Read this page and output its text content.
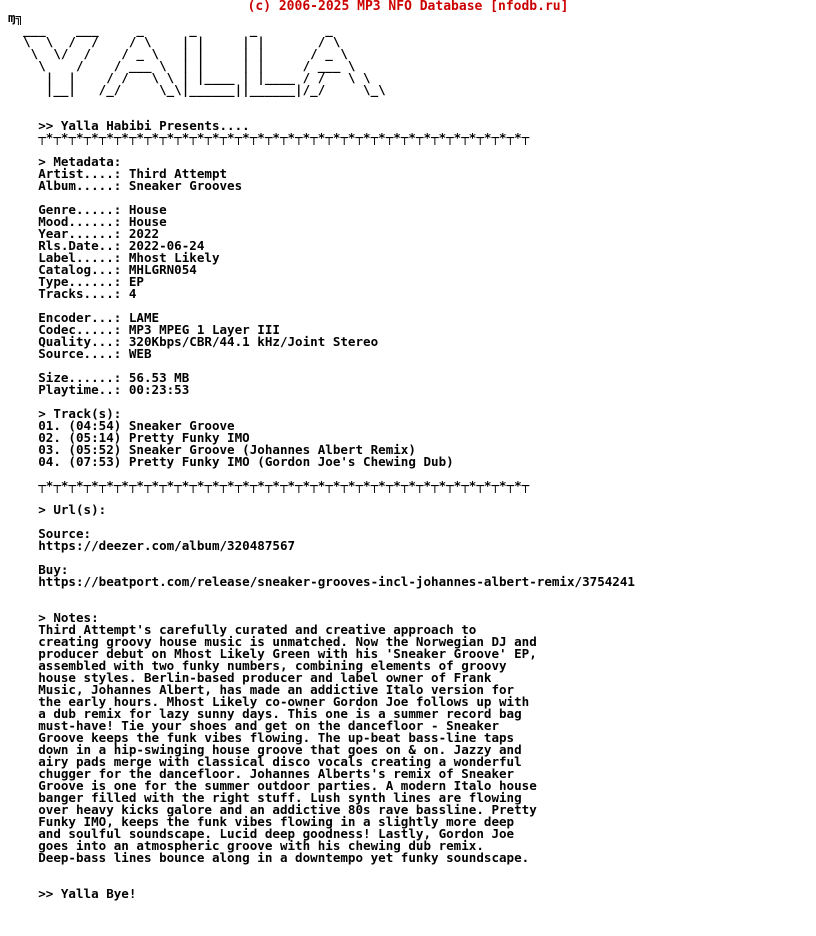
(c) 2006-2025 MP3 NFO Database [nfodb.ru]
ɱ╗
___    ___     _      _       _         _
\  \  /  /    / \    | |     | |       / \
\  \/  /    / _ \   | |     | |      / _ \
\    /    / ___ \  | |     | |     / ___ \
|  |    / /   \ \ | |____ | |____ / /   \ \
|__|   /_/     \_\|______||______|/_/     \_\

>> Yalla Habibi Presents....
┬*┬*┬*┬*┬*┬*┬*┬*┬*┬*┬*┬*┬*┬*┬*┬*┬*┬*┬*┬*┬*┬*┬*┬*┬*┬*┬*┬*┬*┬*┬*┬*┬

> Metadata:
Artist....: Third Attempt
Album.....: Sneaker Grooves

Genre.....: House
Mood......: House
Year......: 2022
Rls.Date..: 2022-06-24
Label.....: Mhost Likely
Catalog...: MHLGRN054
Type......: EP
Tracks....: 4

Encoder...: LAME
Codec.....: MP3 MPEG 1 Layer III
Quality...: 320Kbps/CBR/44.1 kHz/Joint Stereo
Source....: WEB

Size......: 56.53 MB
Playtime..: 00:23:53

> Track(s):
01. (04:54) Sneaker Groove
02. (05:14) Pretty Funky IMO
03. (05:52) Sneaker Groove (Johannes Albert Remix)
04. (07:53) Pretty Funky IMO (Gordon Joe's Chewing Dub)

┬*┬*┬*┬*┬*┬*┬*┬*┬*┬*┬*┬*┬*┬*┬*┬*┬*┬*┬*┬*┬*┬*┬*┬*┬*┬*┬*┬*┬*┬*┬*┬*┬

> Url(s):

Source:
https://deezer.com/album/320487567

Buy:
https://beatport.com/release/sneaker-grooves-incl-johannes-albert-remix/3754241

> Notes:
Third Attempt's carefully curated and creative approach to
creating groovy house music is unmatched. Now the Norwegian DJ and
producer debut on Mhost Likely Green with his 'Sneaker Groove' EP,
assembled with two funky numbers, combining elements of groovy
house styles. Berlin-based producer and label owner of Frank
Music, Johannes Albert, has made an addictive Italo version for
the early hours. Mhost Likely co-owner Gordon Joe follows up with
a dub remix for lazy sunny days. This one is a summer record bag
must-have! Tie your shoes and get on the dancefloor - Sneaker
Groove keeps the funk vibes flowing. The up-beat bass-line taps
down in a hip-swinging house groove that goes on & on. Jazzy and
airy pads merge with classical disco vocals creating a wonderful
chugger for the dancefloor. Johannes Alberts's remix of Sneaker
Groove is one for the summer outdoor parties. A modern Italo house
banger filled with the right stuff. Lush synth lines are flowing
over heavy kicks galore and an addictive 80s rave bassline. Pretty
Funky IMO, keeps the funk vibes flowing in a slightly more deep
and soulful soundscape. Lucid deep goodness! Lastly, Gordon Joe
goes into an atmospheric groove with his chewing dub remix.
Deep-bass lines bounce along in a downtempo yet funky soundscape.

>> Yalla Bye!
